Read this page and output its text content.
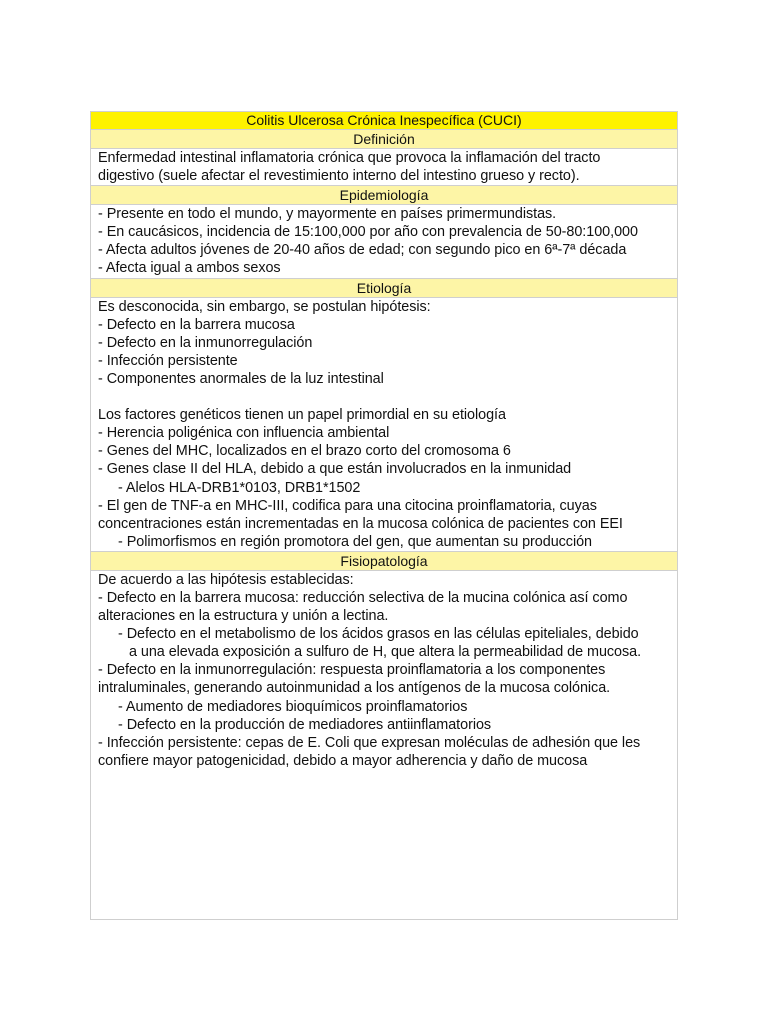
Colitis Ulcerosa Crónica Inespecífica (CUCI)
Definición
Enfermedad intestinal inflamatoria crónica que provoca la inflamación del tracto
digestivo (suele afectar el revestimiento interno del intestino grueso y recto).
Epidemiología
- Presente en todo el mundo, y mayormente en países primermundistas.
- En caucásicos, incidencia de 15:100,000 por año con prevalencia de 50-80:100,000
- Afecta adultos jóvenes de 20-40 años de edad; con segundo pico en 6ª-7ª década
- Afecta igual a ambos sexos
Etiología
Es desconocida, sin embargo, se postulan hipótesis:
- Defecto en la barrera mucosa
- Defecto en la inmunorregulación
- Infección persistente
- Componentes anormales de la luz intestinal
Los factores genéticos tienen un papel primordial en su etiología
- Herencia poligénica con influencia ambiental
- Genes del MHC, localizados en el brazo corto del cromosoma 6
- Genes clase II del HLA, debido a que están involucrados en la inmunidad
- Alelos HLA-DRB1*0103, DRB1*1502
- El gen de TNF-a en MHC-III, codifica para una citocina proinflamatoria, cuyas
concentraciones están incrementadas en la mucosa colónica de pacientes con EEI
- Polimorfismos en región promotora del gen, que aumentan su producción
Fisiopatología
De acuerdo a las hipótesis establecidas:
- Defecto en la barrera mucosa: reducción selectiva de la mucina colónica así como
alteraciones en la estructura y unión a lectina.
- Defecto en el metabolismo de los ácidos grasos en las células epiteliales, debido
a una elevada exposición a sulfuro de H, que altera la permeabilidad de mucosa.
- Defecto en la inmunorregulación: respuesta proinflamatoria a los componentes
intraluminales, generando autoinmunidad a los antígenos de la mucosa colónica.
- Aumento de mediadores bioquímicos proinflamatorios
- Defecto en la producción de mediadores antiinflamatorios
- Infección persistente: cepas de E. Coli que expresan moléculas de adhesión que les
confiere mayor patogenicidad, debido a mayor adherencia y daño de mucosa
